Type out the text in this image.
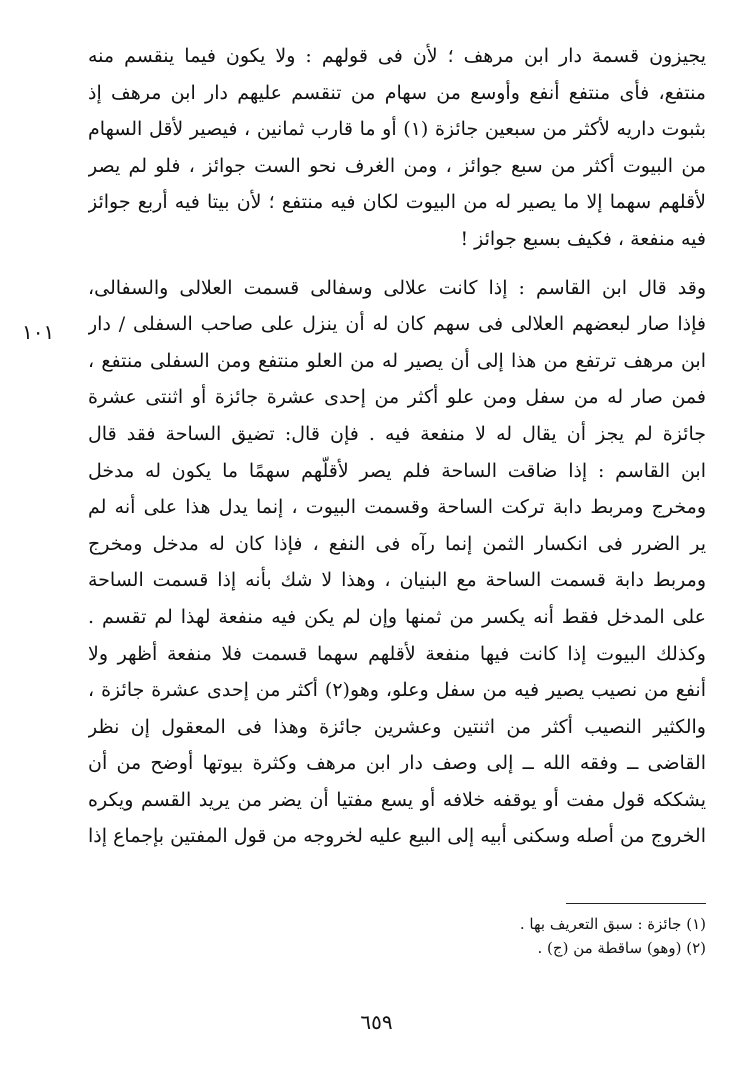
يجيزون قسمة دار ابن مرهف ؛ لأن فى قولهم : ولا يكون فيما ينقسم منه
منتفع، فأى منتفع أنفع وأوسع من سهام من تنقسم عليهم دار ابن مرهف إذ
بثبوت داريه لأكثر من سبعين جائزة (١) أو ما قارب ثمانين ، فيصير لأقل السهام
من البيوت أكثر من سبع جوائز ، ومن الغرف نحو الست جوائز ، فلو لم يصر
لأقلهم سهما إلا ما يصير له من البيوت لكان فيه منتفع ؛ لأن بيتا فيه أربع جوائز
فيه منفعة ، فكيف بسبع جوائز !
وقد قال ابن القاسم : إذا كانت علالى وسفالى قسمت العلالى والسفالى،
فإذا صار لبعضهم العلالى فى سهم كان له أن ينزل على صاحب السفلى / دار
ابن مرهف ترتفع من هذا إلى أن يصير له من العلو منتفع ومن السفلى منتفع ،
فمن صار له من سفل ومن علو أكثر من إحدى عشرة جائزة أو اثنتى عشرة
جائزة لم يجز أن يقال له لا منفعة فيه . فإن قال: تضيق الساحة فقد قال
ابن القاسم : إذا ضاقت الساحة فلم يصر لأقلّهم سهمًا ما يكون له مدخل
ومخرج ومربط دابة تركت الساحة وقسمت البيوت ، إنما يدل هذا على أنه لم
ير الضرر فى انكسار الثمن إنما رآه فى النفع ، فإذا كان له مدخل ومخرج
ومربط دابة قسمت الساحة مع البنيان ، وهذا لا شك بأنه إذا قسمت الساحة
على المدخل فقط أنه يكسر من ثمنها وإن لم يكن فيه منفعة لهذا لم تقسم .
وكذلك البيوت إذا كانت فيها منفعة لأقلهم سهما قسمت فلا منفعة أظهر ولا
أنفع من نصيب يصير فيه من سفل وعلو، وهو(٢) أكثر من إحدى عشرة جائزة ،
والكثير النصيب أكثر من اثنتين وعشرين جائزة وهذا فى المعقول إن نظر
القاضى ــ وفقه الله ــ إلى وصف دار ابن مرهف وكثرة بيوتها أوضح من أن
يشككه قول مفت أو يوقفه خلافه أو يسع مفتيا أن يضر من يريد القسم ويكره
الخروج من أصله وسكنى أبيه إلى البيع عليه لخروجه من قول المفتين بإجماع إذا
١٠١
(١) جائزة : سبق التعريف بها .
(٢) (وهو) ساقطة من (ج) .
٦٥٩
